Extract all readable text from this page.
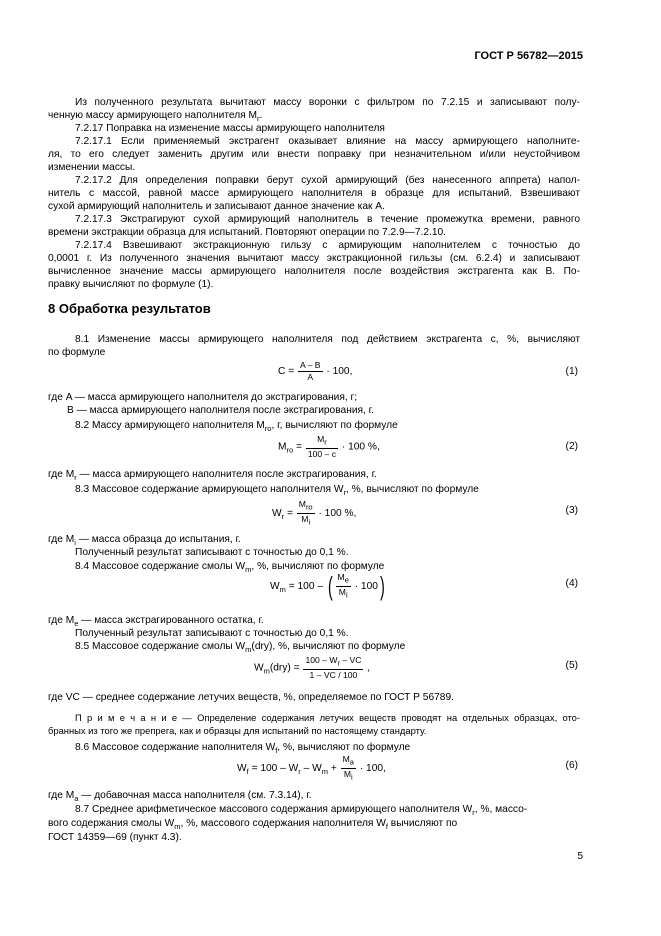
ГОСТ Р 56782—2015
Из полученного результата вычитают массу воронки с фильтром по 7.2.15 и записывают полу-
ченную массу армирующего наполнителя $M_r$.
7.2.17 Поправка на изменение массы армирующего наполнителя
7.2.17.1 Если применяемый экстрагент оказывает влияние на массу армирующего наполните-
ля, то его следует заменить другим или внести поправку при незначительном и/или неустойчивом
изменении массы.
7.2.17.2 Для определения поправки берут сухой армирующий (без нанесенного аппрета) напол-
нитель с массой, равной массе армирующего наполнителя в образце для испытаний. Взвешивают
сухой армирующий наполнитель и записывают данное значение как A.
7.2.17.3 Экстрагируют сухой армирующий наполнитель в течение промежутка времени, равного
времени экстракции образца для испытаний. Повторяют операции по 7.2.9—7.2.10.
7.2.17.4 Взвешивают экстракционную гильзу с армирующим наполнителем с точностью до
0,0001 г. Из полученного значения вычитают массу экстракционной гильзы (см. 6.2.4) и записывают
вычисленное значение массы армирующего наполнителя после воздействия экстрагента как B. По-
правку вычисляют по формуле (1).
8 Обработка результатов
8.1 Изменение массы армирующего наполнителя под действием экстрагента c, %, вычисляют
по формуле
$C = \frac{A - B}{A} \cdot 100$,	(1)
где A — масса армирующего наполнителя до экстрагирования, г;
B — масса армирующего наполнителя после экстрагирования, г.
8.2 Массу армирующего наполнителя $M_{ro}$, г, вычисляют по формуле
$M_{ro} = \frac{M_r}{100 - c} \cdot 100$ %,	(2)
где $M_r$ — масса армирующего наполнителя после экстрагирования, г.
8.3 Массовое содержание армирующего наполнителя $W_r$, %, вычисляют по формуле
$W_r = \frac{M_{ro}}{M_i} \cdot 100$ %,	(3)
где $M_i$ — масса образца до испытания, г.
Полученный результат записывают с точностью до 0,1 %.
8.4 Массовое содержание смолы $W_m$, %, вычисляют по формуле
$W_m = 100$ – ( $\frac{M_e}{M_i} \cdot 100$)	(4)
где $M_e$ — масса экстрагированного остатка, г.
Полученный результат записывают с точностью до 0,1 %.
8.5 Массовое содержание смолы $W_m(dry)$, %, вычисляют по формуле
$W_m(dry) = \frac{100 - W_r - VC}{1 - VC / 100}$ ,	(5)
где VC — среднее содержание летучих веществ, %, определяемое по ГОСТ Р 56789.
П р и м е ч а н и е — Определение содержания летучих веществ проводят на отдельных образцах, ото-
бранных из того же препрега, как и образцы для испытаний по настоящему стандарту.
8.6 Массовое содержание наполнителя $W_f$, %, вычисляют по формуле
$W_f = 100 - W_r - W_m + \frac{M_a}{M_i} \cdot 100$,	(6)
где $M_a$ — добавочная масса наполнителя (см. 7.3.14), г.
8.7 Среднее арифметическое массового содержания армирующего наполнителя $W_r$, %, массо-
вого содержания смолы $W_m$, %, массового содержания наполнителя $W_f$ вычисляют по
ГОСТ 14359—69 (пункт 4.3).
5
